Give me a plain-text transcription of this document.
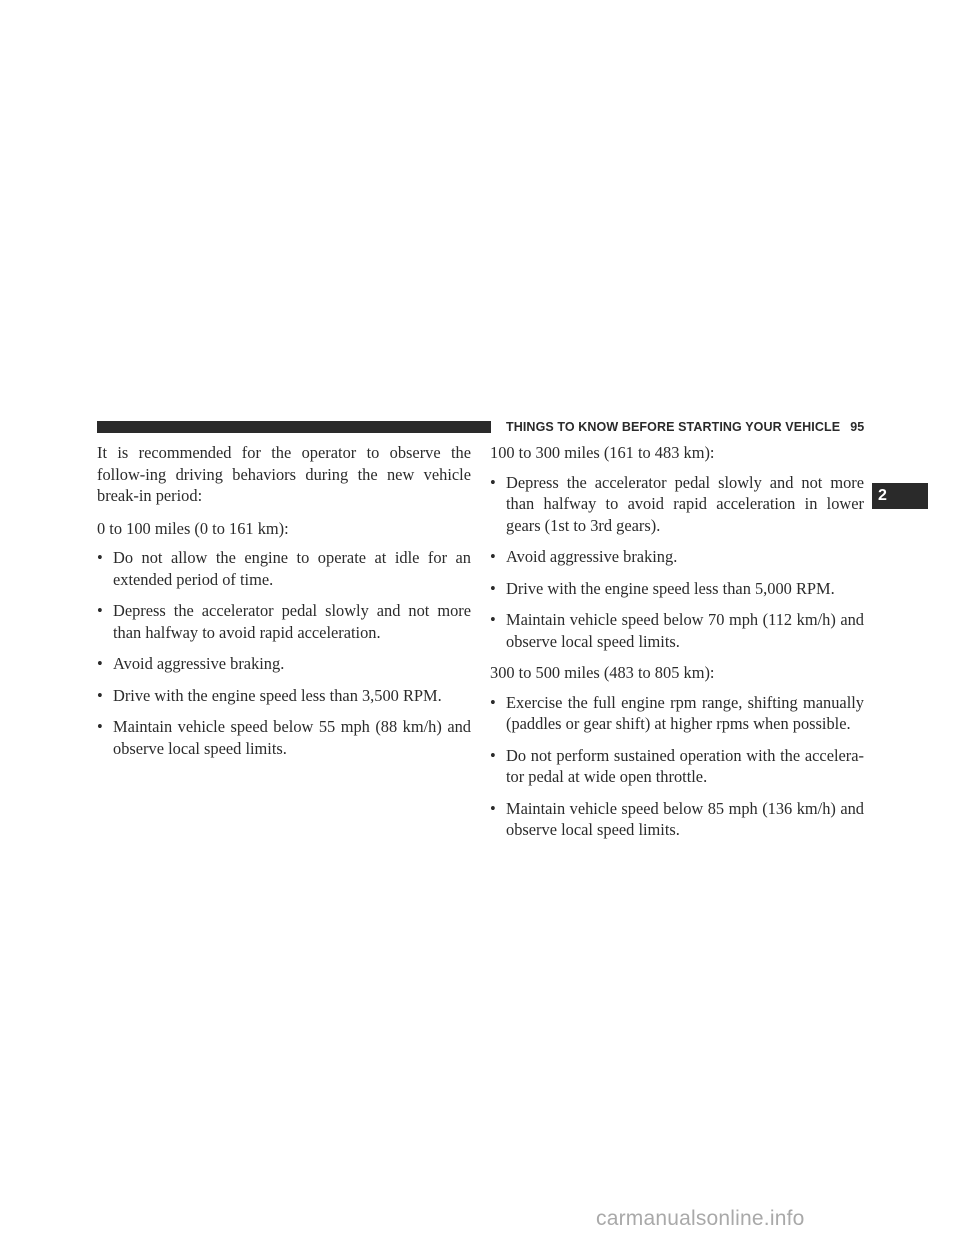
THINGS TO KNOW BEFORE STARTING YOUR VEHICLE 95
2

It is recommended for the operator to observe the follow-ing driving behaviors during the new vehicle break-in period:

0 to 100 miles (0 to 161 km):

• Do not allow the engine to operate at idle for an extended period of time.
• Depress the accelerator pedal slowly and not more than halfway to avoid rapid acceleration.
• Avoid aggressive braking.
• Drive with the engine speed less than 3,500 RPM.
• Maintain vehicle speed below 55 mph (88 km/h) and observe local speed limits.

100 to 300 miles (161 to 483 km):

• Depress the accelerator pedal slowly and not more than halfway to avoid rapid acceleration in lower gears (1st to 3rd gears).
• Avoid aggressive braking.
• Drive with the engine speed less than 5,000 RPM.
• Maintain vehicle speed below 70 mph (112 km/h) and observe local speed limits.

300 to 500 miles (483 to 805 km):

• Exercise the full engine rpm range, shifting manually (paddles or gear shift) at higher rpms when possible.
• Do not perform sustained operation with the accelera-tor pedal at wide open throttle.
• Maintain vehicle speed below 85 mph (136 km/h) and observe local speed limits.
carmanualsonline.info
